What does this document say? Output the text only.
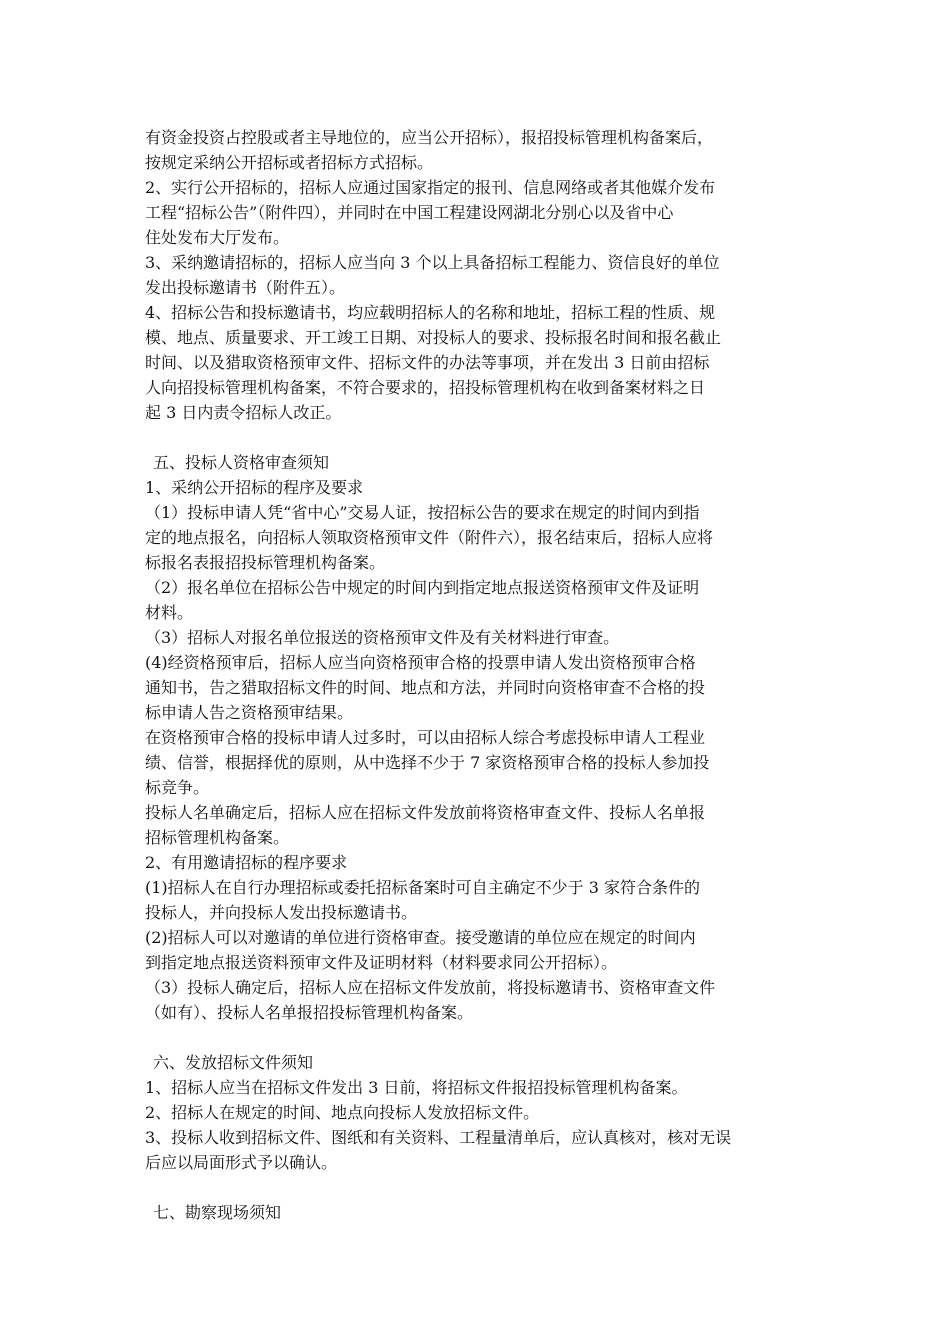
有资金投资占控股或者主导地位的，应当公开招标），报招投标管理机构备案后，
按规定采纳公开招标或者招标方式招标。
2、实行公开招标的，招标人应通过国家指定的报刊、信息网络或者其他媒介发布
工程“招标公告”（附件四），并同时在中国工程建设网湖北分别心以及省中心
住处发布大厅发布。
3、采纳邀请招标的，招标人应当向 3 个以上具备招标工程能力、资信良好的单位
发出投标邀请书（附件五）。
4、招标公告和投标邀请书，均应载明招标人的名称和地址，招标工程的性质、规
模、地点、质量要求、开工竣工日期、对投标人的要求、投标报名时间和报名截止
时间、以及猎取资格预审文件、招标文件的办法等事项，并在发出 3 日前由招标
人向招投标管理机构备案，不符合要求的，招投标管理机构在收到备案材料之日
起 3 日内责令招标人改正。
五、投标人资格审查须知
1、采纳公开招标的程序及要求
（1）投标申请人凭“省中心”交易人证，按招标公告的要求在规定的时间内到指
定的地点报名，向招标人领取资格预审文件（附件六），报名结束后，招标人应将
标报名表报招投标管理机构备案。
（2）报名单位在招标公告中规定的时间内到指定地点报送资格预审文件及证明
材料。
（3）招标人对报名单位报送的资格预审文件及有关材料进行审查。
(4)经资格预审后，招标人应当向资格预审合格的投票申请人发出资格预审合格
通知书，告之猎取招标文件的时间、地点和方法，并同时向资格审查不合格的投
标申请人告之资格预审结果。
在资格预审合格的投标申请人过多时，可以由招标人综合考虑投标申请人工程业
绩、信誉，根据择优的原则，从中选择不少于 7 家资格预审合格的投标人参加投
标竞争。
投标人名单确定后，招标人应在招标文件发放前将资格审查文件、投标人名单报
招标管理机构备案。
2、有用邀请招标的程序要求
(1)招标人在自行办理招标或委托招标备案时可自主确定不少于 3 家符合条件的
投标人，并向投标人发出投标邀请书。
(2)招标人可以对邀请的单位进行资格审查。接受邀请的单位应在规定的时间内
到指定地点报送资料预审文件及证明材料（材料要求同公开招标）。
（3）投标人确定后，招标人应在招标文件发放前，将投标邀请书、资格审查文件
（如有）、投标人名单报招投标管理机构备案。
六、发放招标文件须知
1、招标人应当在招标文件发出 3 日前，将招标文件报招投标管理机构备案。
2、招标人在规定的时间、地点向投标人发放招标文件。
3、投标人收到招标文件、图纸和有关资料、工程量清单后，应认真核对，核对无误
后应以局面形式予以确认。
七、勘察现场须知
